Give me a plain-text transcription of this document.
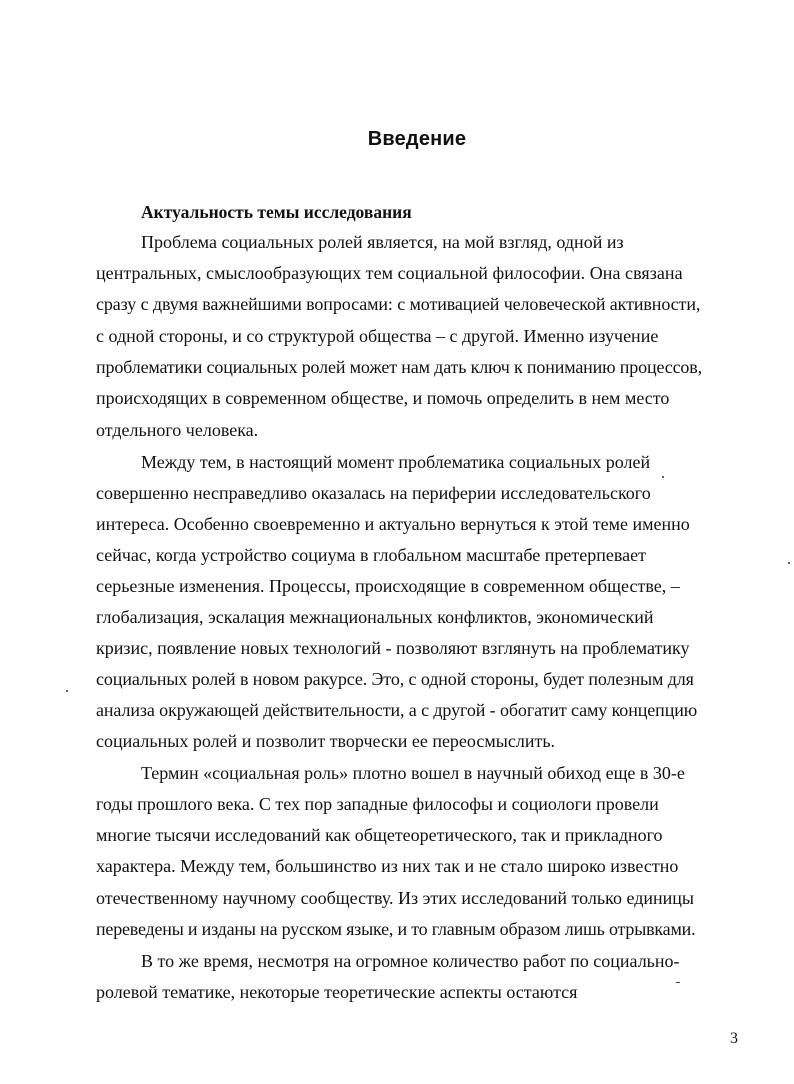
Введение
Актуальность темы исследования
Проблема социальных ролей является, на мой взгляд, одной из
центральных, смыслообразующих тем социальной философии. Она связана
сразу с двумя важнейшими вопросами: с мотивацией человеческой активности,
с одной стороны, и со структурой общества – с другой. Именно изучение
проблематики социальных ролей может нам дать ключ к пониманию процессов,
происходящих в современном обществе, и помочь определить в нем место
отдельного человека.
Между тем, в настоящий момент проблематика социальных ролей
совершенно несправедливо оказалась на периферии исследовательского
интереса. Особенно своевременно и актуально вернуться к этой теме именно
сейчас, когда устройство социума в глобальном масштабе претерпевает
серьезные изменения. Процессы, происходящие в современном обществе, –
глобализация, эскалация межнациональных конфликтов, экономический
кризис, появление новых технологий - позволяют взглянуть на проблематику
социальных ролей в новом ракурсе. Это, с одной стороны, будет полезным для
анализа окружающей действительности, а с другой - обогатит саму концепцию
социальных ролей и позволит творчески ее переосмыслить.
Термин «социальная роль» плотно вошел в научный обиход еще в 30-е
годы прошлого века. С тех пор западные философы и социологи провели
многие тысячи исследований как общетеоретического, так и прикладного
характера. Между тем, большинство из них так и не стало широко известно
отечественному научному сообществу. Из этих исследований только единицы
переведены и изданы на русском языке, и то главным образом лишь отрывками.
В то же время, несмотря на огромное количество работ по социально-
ролевой тематике, некоторые теоретические аспекты остаются
3
